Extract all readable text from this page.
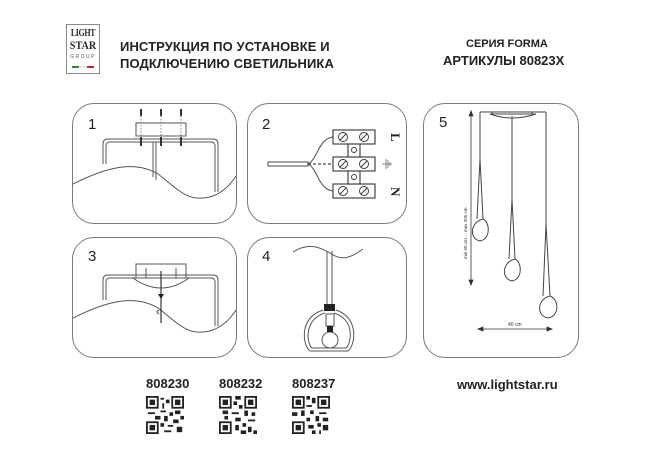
LIGHT
STAR
GROUP
ИНСТРУКЦИЯ ПО УСТАНОВКЕ И
ПОДКЛЮЧЕНИЮ СВЕТИЛЬНИКА
СЕРИЯ FORMA
АРТИКУЛЫ 80823X
1	2
L
N
3	4
5
min 60 cm ... max 205 cm
40 cm
808230 808232 808237	www.lightstar.ru
